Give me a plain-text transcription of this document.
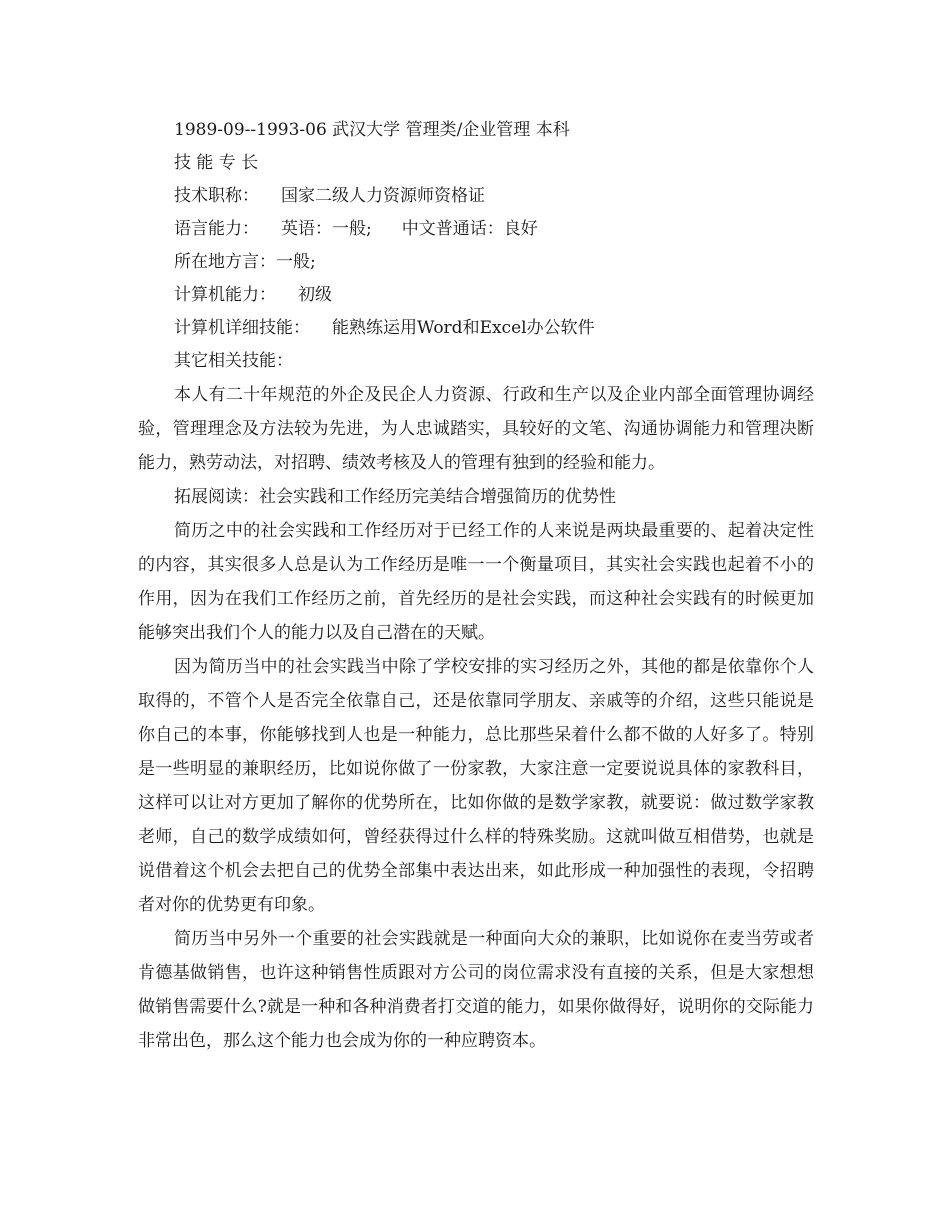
1989-09--1993-06 武汉大学 管理类/企业管理 本科
技 能 专 长
技术职称： 国家二级人力资源师资格证
语言能力： 英语：一般; 中文普通话：良好
所在地方言：一般;
计算机能力： 初级
计算机详细技能： 能熟练运用Word和Excel办公软件
其它相关技能：

本人有二十年规范的外企及民企人力资源、行政和生产以及企业内部全面管理协调经验，管理理念及方法较为先进，为人忠诚踏实，具较好的文笔、沟通协调能力和管理决断能力，熟劳动法，对招聘、绩效考核及人的管理有独到的经验和能力。

拓展阅读：社会实践和工作经历完美结合增强简历的优势性

简历之中的社会实践和工作经历对于已经工作的人来说是两块最重要的、起着决定性的内容，其实很多人总是认为工作经历是唯一一个衡量项目，其实社会实践也起着不小的作用，因为在我们工作经历之前，首先经历的是社会实践，而这种社会实践有的时候更加能够突出我们个人的能力以及自己潜在的天赋。

因为简历当中的社会实践当中除了学校安排的实习经历之外，其他的都是依靠你个人取得的，不管个人是否完全依靠自己，还是依靠同学朋友、亲戚等的介绍，这些只能说是你自己的本事，你能够找到人也是一种能力，总比那些呆着什么都不做的人好多了。特别是一些明显的兼职经历，比如说你做了一份家教，大家注意一定要说说具体的家教科目，这样可以让对方更加了解你的优势所在，比如你做的是数学家教，就要说：做过数学家教老师，自己的数学成绩如何，曾经获得过什么样的特殊奖励。这就叫做互相借势，也就是说借着这个机会去把自己的优势全部集中表达出来，如此形成一种加强性的表现，令招聘者对你的优势更有印象。

简历当中另外一个重要的社会实践就是一种面向大众的兼职，比如说你在麦当劳或者肯德基做销售，也许这种销售性质跟对方公司的岗位需求没有直接的关系，但是大家想想做销售需要什么?就是一种和各种消费者打交道的能力，如果你做得好，说明你的交际能力非常出色，那么这个能力也会成为你的一种应聘资本。
